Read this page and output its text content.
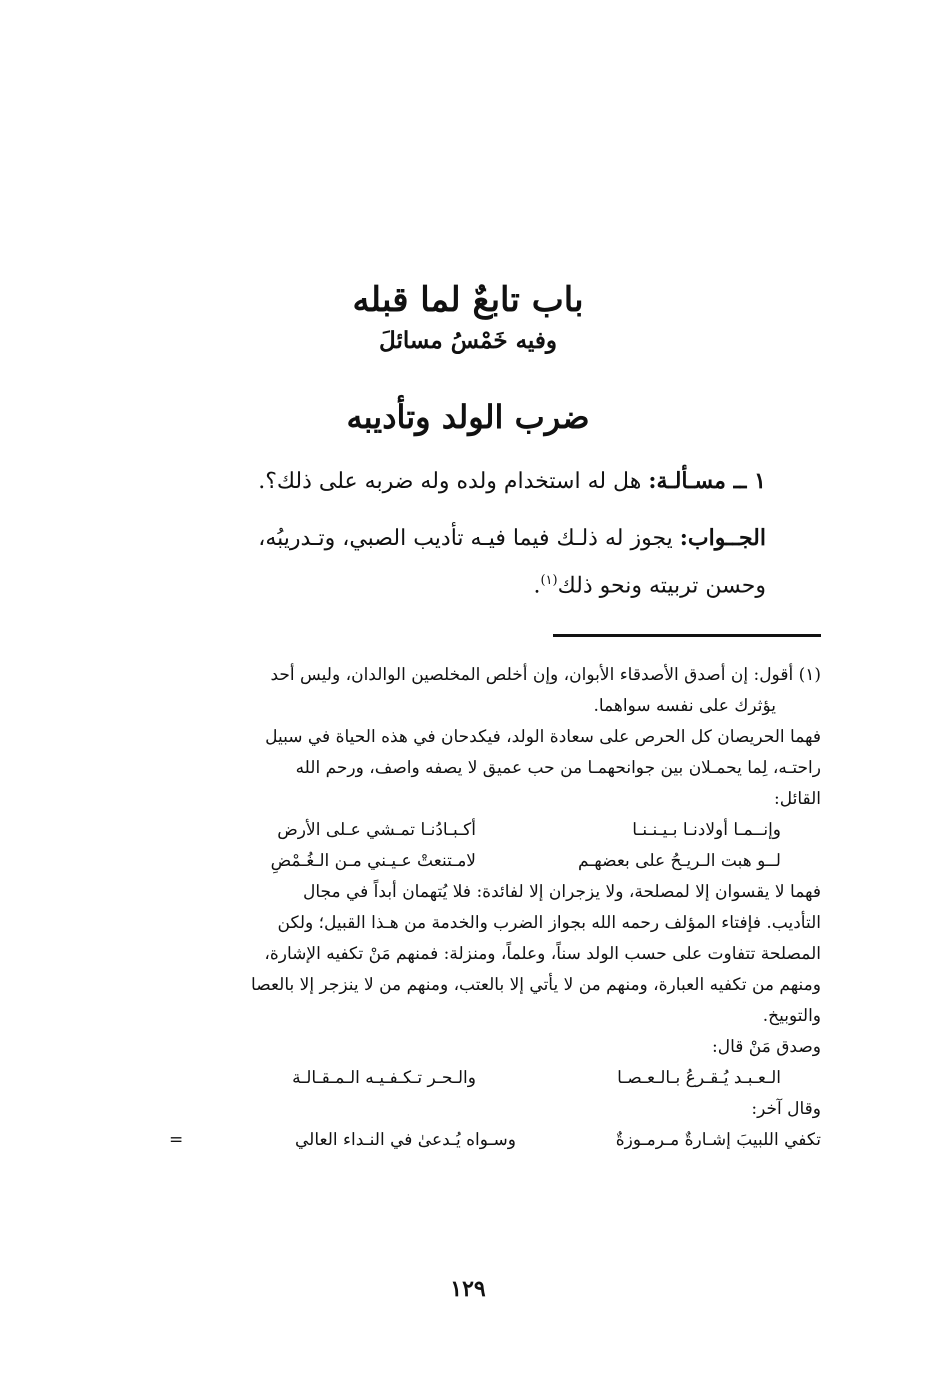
باب تابعٌ لما قبله
وفيه خَمْسُ مسائلَ
ضرب الولد وتأديبه
١ ــ مسـألـة: هل له استخدام ولده وله ضربه على ذلك؟.
الجــواب: يجوز له ذلـك فيما فيـه تأديب الصبي، وتـدريبُه،
وحسن تربيته ونحو ذلك$^{(١)}$.
(١) أقول: إن أصدق الأصدقاء الأبوان، وإن أخلص المخلصين الوالدان، وليس أحد
يؤثرك على نفسه سواهما.
فهما الحريصان كل الحرص على سعادة الولد، فيكدحان في هذه الحياة في سبيل
راحتـه، لِما يحمـلان بين جوانحهمـا من حب عميق لا يصفه واصف، ورحم الله
القائل:
وإنــمـا أولادنـا بـيـنـنـا
أكـبـادُنـا تمـشي عـلى الأرض
لــو هبت الـريـحُ على بعضهـم
لامـتنعتْ عـيـني مـن الـغُـمْضِ
فهما لا يقسوان إلا لمصلحة، ولا يزجران إلا لفائدة: فلا يُتهمان أبداً في مجال
التأديب. فإفتاء المؤلف رحمه الله بجواز الضرب والخدمة من هـذا القبيل؛ ولكن
المصلحة تتفاوت على حسب الولد سناً، وعلماً، ومنزلة: فمنهم مَنْ تكفيه الإشارة،
ومنهم من تكفيه العبارة، ومنهم من لا يأتي إلا بالعتب، ومنهم من لا ينزجر إلا بالعصا
والتوبيخ.
وصدق مَنْ قال:
الـعـبـد يُـقـرعُ بـالـعـصـا
والـحـر تـكـفـيـه الـمـقـالـة
وقال آخر:
تكفي اللبيبَ إشـارةٌ مـرمـوزةٌ
وسـواه يُـدعىٰ في النـداء العالي
=
١٢٩
